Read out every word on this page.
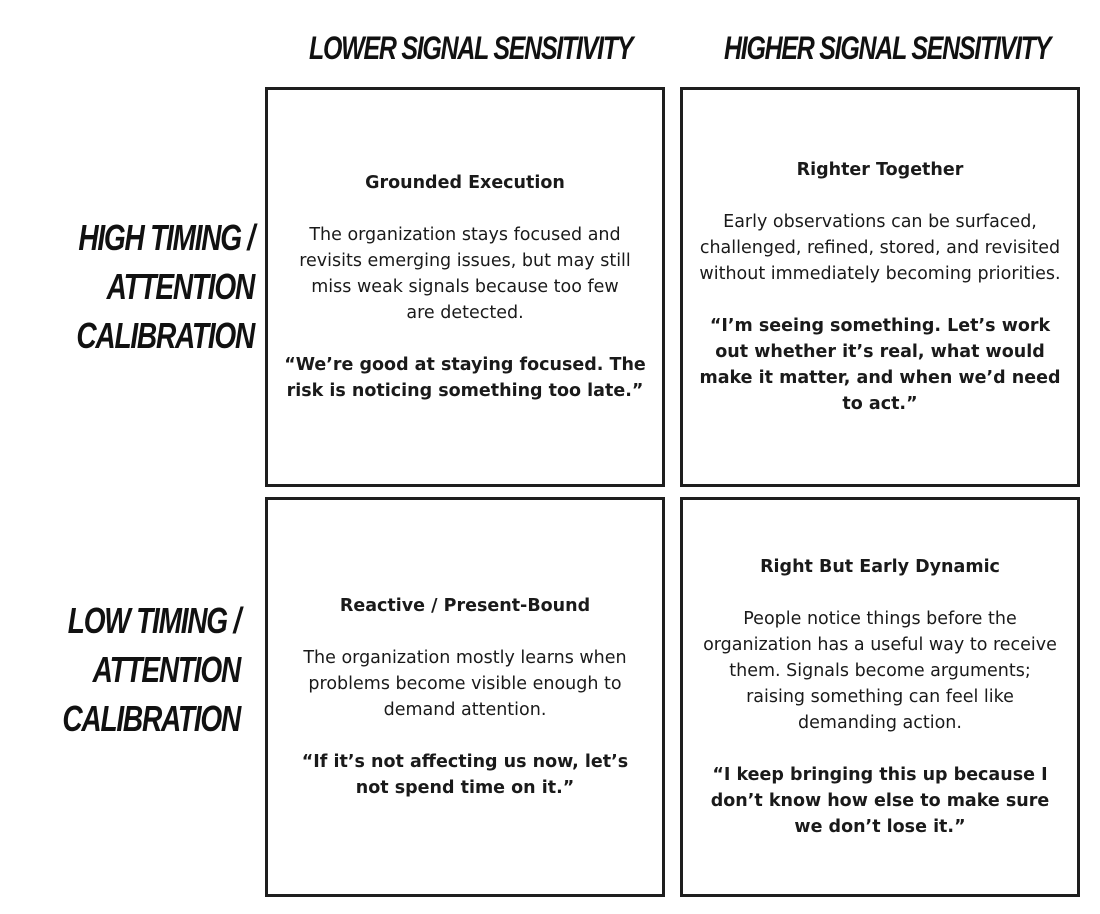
LOWER SIGNAL SENSITIVITY	HIGHER SIGNAL SENSITIVITY
HIGH TIMING /
ATTENTION
CALIBRATION
LOW TIMING /
ATTENTION
CALIBRATION
Grounded Execution
The organization stays focused and revisits emerging issues, but may still miss weak signals because too few are detected.
“We’re good at staying focused. The risk is noticing something too late.”
Righter Together
Early observations can be surfaced, challenged, refined, stored, and revisited without immediately becoming priorities.
“I’m seeing something. Let’s work out whether it’s real, what would make it matter, and when we’d need to act.”
Reactive / Present-Bound
The organization mostly learns when problems become visible enough to demand attention.
“If it’s not affecting us now, let’s not spend time on it.”
Right But Early Dynamic
People notice things before the organization has a useful way to receive them. Signals become arguments; raising something can feel like demanding action.
“I keep bringing this up because I don’t know how else to make sure we don’t lose it.”
